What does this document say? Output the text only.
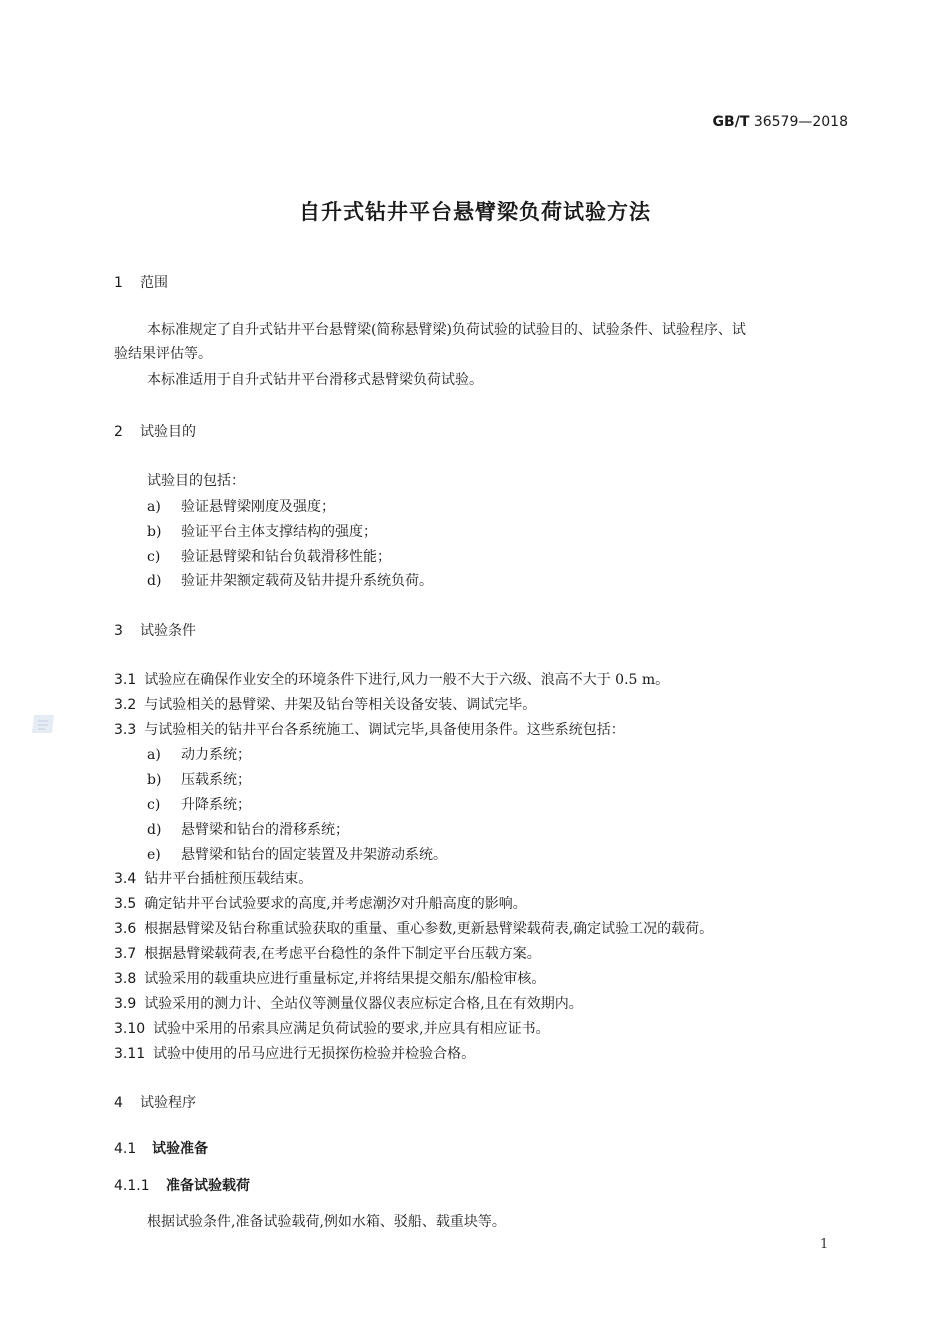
GB/T 36579—2018
自升式钻井平台悬臂梁负荷试验方法
1 范围
本标准规定了自升式钻井平台悬臂梁(简称悬臂梁)负荷试验的试验目的、试验条件、试验程序、试
验结果评估等。
本标准适用于自升式钻井平台滑移式悬臂梁负荷试验。
2 试验目的
试验目的包括：
a) 验证悬臂梁刚度及强度；
b) 验证平台主体支撑结构的强度；
c) 验证悬臂梁和钻台负载滑移性能；
d) 验证井架额定载荷及钻井提升系统负荷。
3 试验条件
3.1 试验应在确保作业安全的环境条件下进行,风力一般不大于六级、浪高不大于 0.5 m。
3.2 与试验相关的悬臂梁、井架及钻台等相关设备安装、调试完毕。
3.3 与试验相关的钻井平台各系统施工、调试完毕,具备使用条件。这些系统包括：
a) 动力系统；
b) 压载系统；
c) 升降系统；
d) 悬臂梁和钻台的滑移系统；
e) 悬臂梁和钻台的固定装置及井架游动系统。
3.4 钻井平台插桩预压载结束。
3.5 确定钻井平台试验要求的高度,并考虑潮汐对升船高度的影响。
3.6 根据悬臂梁及钻台称重试验获取的重量、重心参数,更新悬臂梁载荷表,确定试验工况的载荷。
3.7 根据悬臂梁载荷表,在考虑平台稳性的条件下制定平台压载方案。
3.8 试验采用的载重块应进行重量标定,并将结果提交船东/船检审核。
3.9 试验采用的测力计、全站仪等测量仪器仪表应标定合格,且在有效期内。
3.10 试验中采用的吊索具应满足负荷试验的要求,并应具有相应证书。
3.11 试验中使用的吊马应进行无损探伤检验并检验合格。
4 试验程序
4.1 试验准备
4.1.1 准备试验载荷
根据试验条件,准备试验载荷,例如水箱、驳船、载重块等。
1
